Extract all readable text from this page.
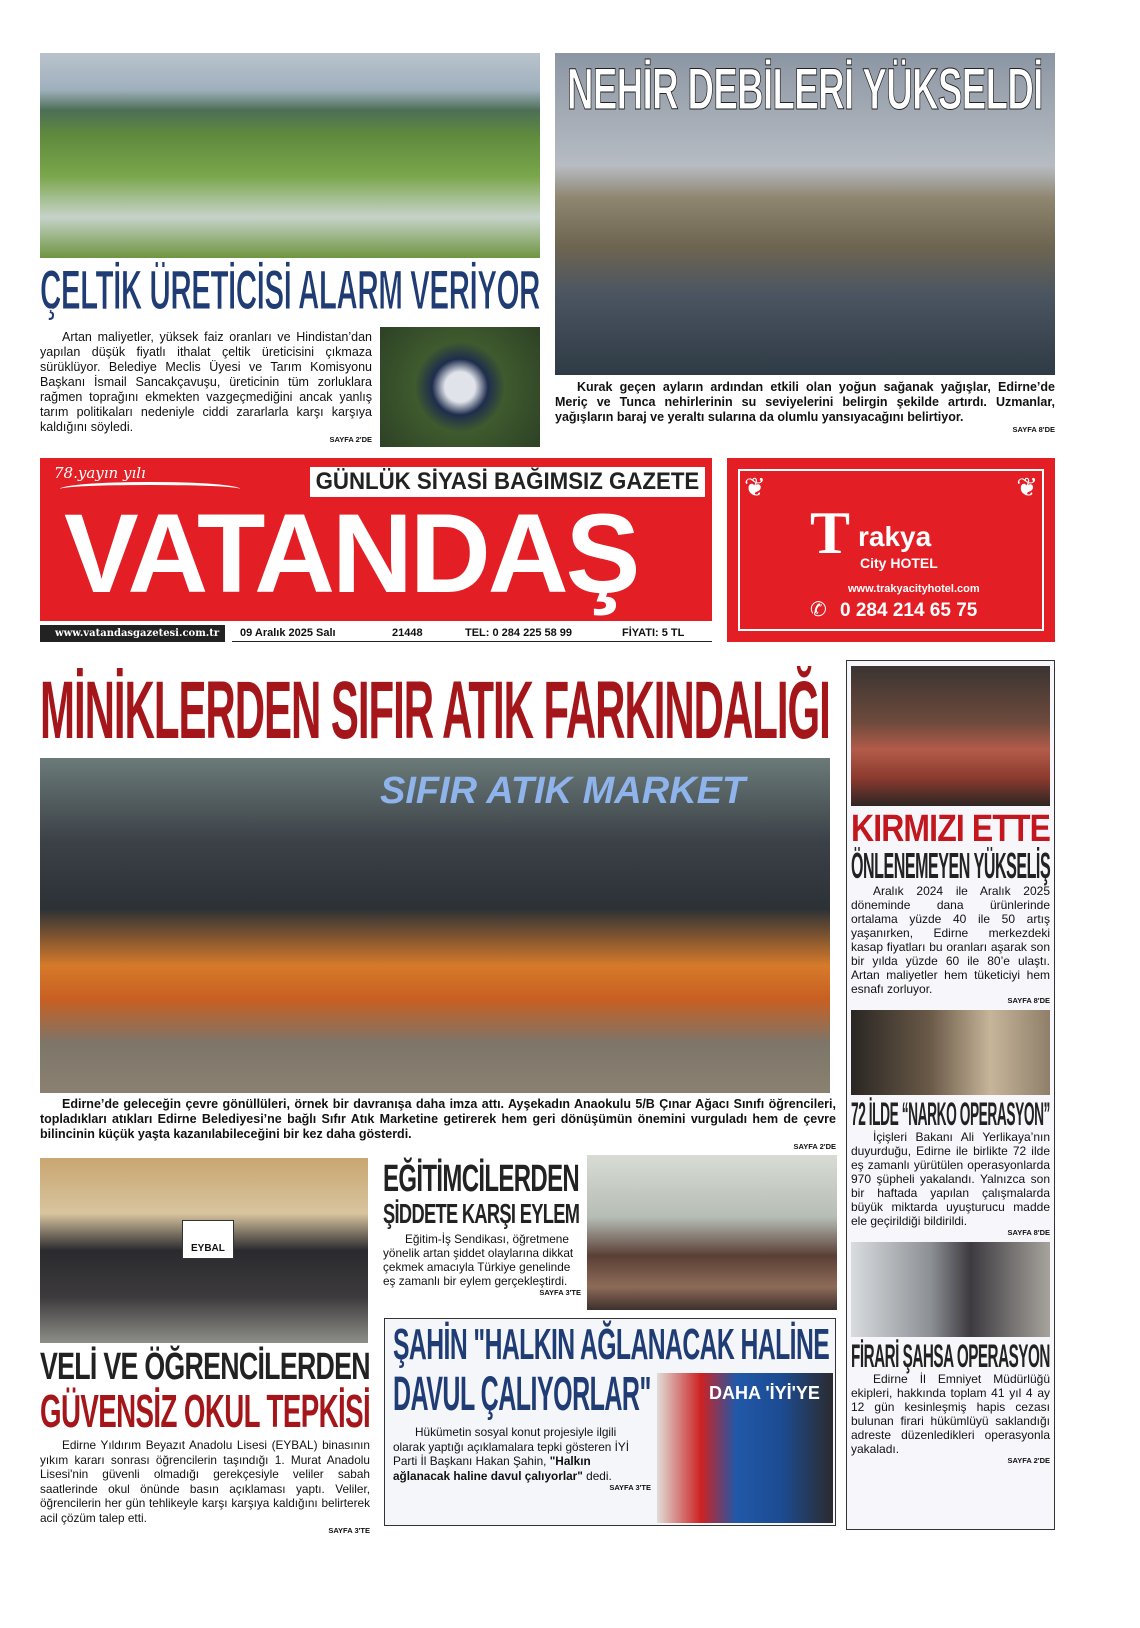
ÇELTİK ÜRETİCİSİ ALARM VERİYOR

Artan maliyetler, yüksek faiz oranları ve Hindistan’dan yapılan düşük fiyatlı ithalat çeltik üreticisini çıkmaza sürüklüyor. Belediye Meclis Üyesi ve Tarım Komisyonu Başkanı İsmail Sancakçavuşu, üreticinin tüm zorluklara rağmen toprağını ekmekten vazgeçmediğini ancak yanlış tarım politikaları nedeniyle ciddi zararlarla karşı karşıya kaldığını söyledi.

SAYFA 2'DE
NEHİR DEBİLERİ YÜKSELDİ

Kurak geçen ayların ardından etkili olan yoğun sağanak yağışlar, Edirne’de Meriç ve Tunca nehirlerinin su seviyelerini belirgin şekilde artırdı. Uzmanlar, yağışların baraj ve yeraltı sularına da olumlu yansıyacağını belirtiyor.

SAYFA 8'DE
78.yayın yılı	GÜNLÜK SİYASİ BAĞIMSIZ GAZETE
VATANDAŞ
www.vatandasgazetesi.com.tr	09 Aralık 2025 Salı	21448	TEL: 0 284 225 58 99	FİYATI: 5 TL
❦	❦
T rakya
City HOTEL
www.trakyacityhotel.com
✆ 0 284 214 65 75
MİNİKLERDEN SIFIR ATIK FARKINDALIĞI
SIFIR ATIK MARKET

Edirne’de geleceğin çevre gönüllüleri, örnek bir davranışa daha imza attı. Ayşekadın Anaokulu 5/B Çınar Ağacı Sınıfı öğrencileri, topladıkları atıkları Edirne Belediyesi’ne bağlı Sıfır Atık Marketine getirerek hem geri dönüşümün önemini vurguladı hem de çevre bilincinin küçük yaşta kazanılabileceğini bir kez daha gösterdi.

SAYFA 2'DE
KIRMIZI ETTE
ÖNLENEMEYEN YÜKSELİŞ

Aralık 2024 ile Aralık 2025 döneminde dana ürünlerinde ortalama yüzde 40 ile 50 artış yaşanırken, Edirne merkezdeki kasap fiyatları bu oranları aşarak son bir yılda yüzde 60 ile 80’e ulaştı. Artan maliyetler hem tüketiciyi hem esnafı zorluyor.

SAYFA 8'DE
72 İLDE “NARKO OPERASYON”

İçişleri Bakanı Ali Yerlikaya’nın duyurduğu, Edirne ile birlikte 72 ilde eş zamanlı yürütülen operasyonlarda 970 şüpheli yakalandı. Yalnızca son bir haftada yapılan çalışmalarda büyük miktarda uyuşturucu madde ele geçirildiği bildirildi.

SAYFA 8'DE
FİRARİ ŞAHSA OPERASYON

Edirne İl Emniyet Müdürlüğü ekipleri, hakkında toplam 41 yıl 4 ay 12 gün kesinleşmiş hapis cezası bulunan firari hükümlüyü saklandığı adreste düzenledikleri operasyonla yakaladı.

SAYFA 2'DE
EYBAL
VELİ VE ÖĞRENCİLERDEN
GÜVENSİZ OKUL TEPKİSİ

Edirne Yıldırım Beyazıt Anadolu Lisesi (EYBAL) binasının yıkım kararı sonrası öğrencilerin taşındığı 1. Murat Anadolu Lisesi'nin güvenli olmadığı gerekçesiyle veliler sabah saatlerinde okul önünde basın açıklaması yaptı. Veliler, öğrencilerin her gün tehlikeyle karşı karşıya kaldığını belirterek acil çözüm talep etti.

SAYFA 3'TE
EĞİTİMCİLERDEN
ŞİDDETE KARŞI EYLEM

Eğitim-İş Sendikası, öğretmene yönelik artan şiddet olaylarına dikkat çekmek amacıyla Türkiye genelinde eş zamanlı bir eylem gerçekleştirdi.

SAYFA 3'TE
ŞAHİN "HALKIN AĞLANACAK HALİNE
DAVUL ÇALIYORLAR"	DAHA 'İYİ'YE

Hükümetin sosyal konut projesiyle ilgili olarak yaptığı açıklamalara tepki gösteren İYİ Parti İl Başkanı Hakan Şahin, "Halkın ağlanacak haline davul çalıyorlar" dedi.

SAYFA 3'TE
